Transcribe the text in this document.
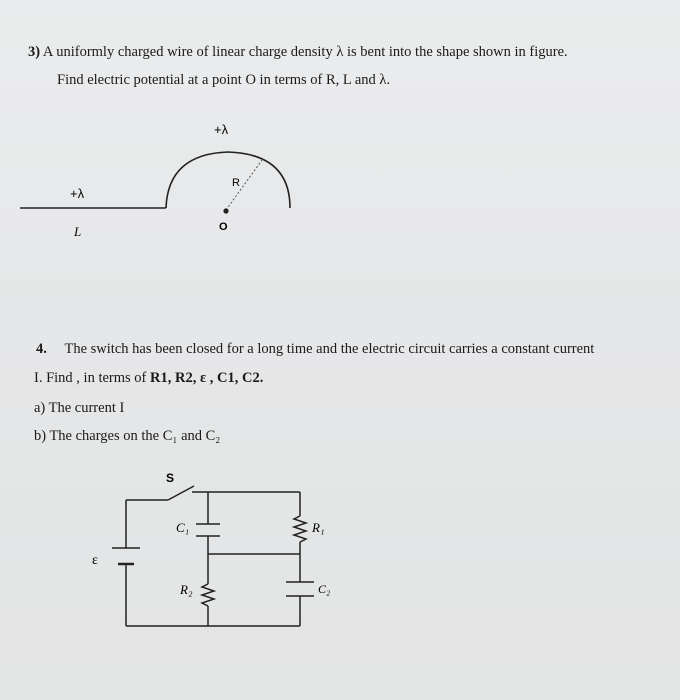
3) A uniformly charged wire of linear charge density λ is bent into the shape shown in figure.
Find electric potential at a point O in terms of R, L and λ.
+λ
+λ
L
R
O
4. The switch has been closed for a long time and the electric circuit carries a constant current
I. Find , in terms of R1, R2, ε , C1, C2.
a) The current I
b) The charges on the C₁ and C₂
S
ε
C₁
C₂
R₁
R₂
